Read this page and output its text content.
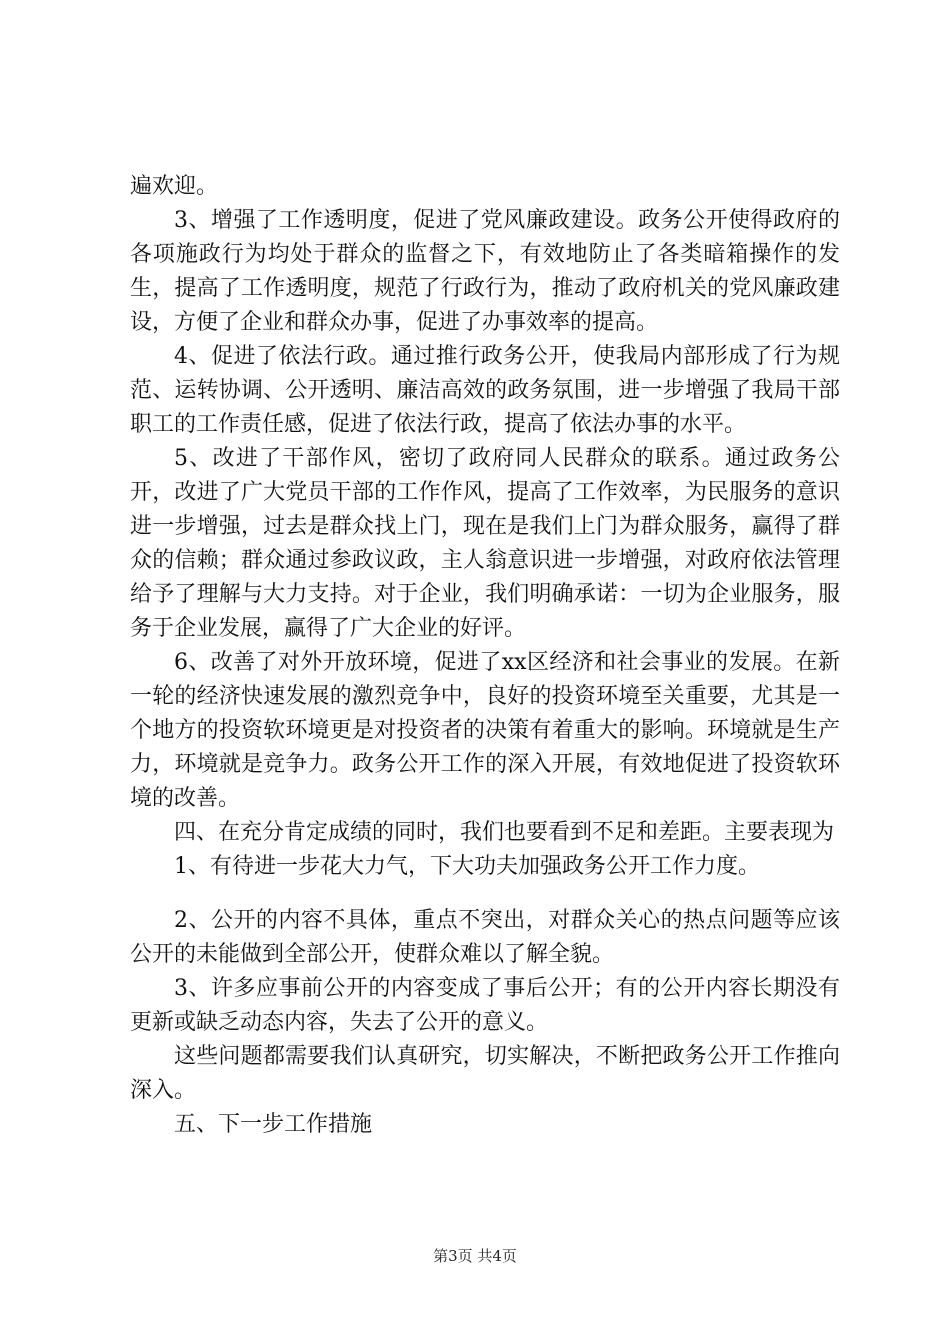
遍欢迎。

3、增强了工作透明度，促进了党风廉政建设。政务公开使得政府的各项施政行为均处于群众的监督之下，有效地防止了各类暗箱操作的发生，提高了工作透明度，规范了行政行为，推动了政府机关的党风廉政建设，方便了企业和群众办事，促进了办事效率的提高。

4、促进了依法行政。通过推行政务公开，使我局内部形成了行为规范、运转协调、公开透明、廉洁高效的政务氛围，进一步增强了我局干部职工的工作责任感，促进了依法行政，提高了依法办事的水平。

5、改进了干部作风，密切了政府同人民群众的联系。通过政务公开，改进了广大党员干部的工作作风，提高了工作效率，为民服务的意识进一步增强，过去是群众找上门，现在是我们上门为群众服务，赢得了群众的信赖；群众通过参政议政，主人翁意识进一步增强，对政府依法管理给予了理解与大力支持。对于企业，我们明确承诺：一切为企业服务，服务于企业发展，赢得了广大企业的好评。

6、改善了对外开放环境，促进了xx区经济和社会事业的发展。在新一轮的经济快速发展的激烈竞争中，良好的投资环境至关重要，尤其是一个地方的投资软环境更是对投资者的决策有着重大的影响。环境就是生产力，环境就是竞争力。政务公开工作的深入开展，有效地促进了投资软环境的改善。

四、在充分肯定成绩的同时，我们也要看到不足和差距。主要表现为

1、有待进一步花大力气，下大功夫加强政务公开工作力度。

2、公开的内容不具体，重点不突出，对群众关心的热点问题等应该公开的未能做到全部公开，使群众难以了解全貌。

3、许多应事前公开的内容变成了事后公开；有的公开内容长期没有更新或缺乏动态内容，失去了公开的意义。

这些问题都需要我们认真研究，切实解决，不断把政务公开工作推向深入。

五、下一步工作措施

第3页 共4页
